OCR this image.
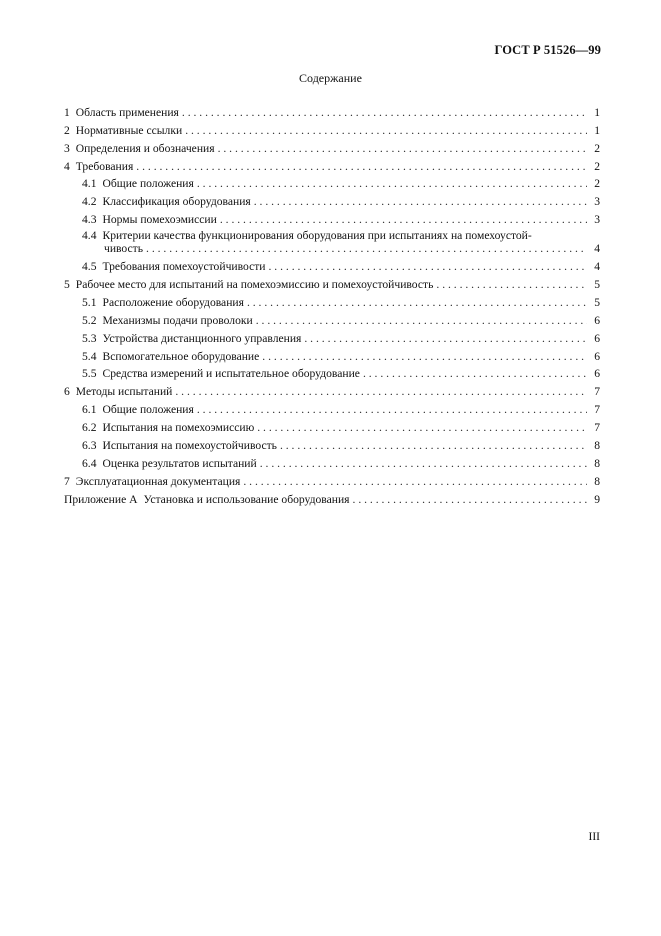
ГОСТ Р 51526—99
Содержание
1 Область применения . . .	1
2 Нормативные ссылки . . .	1
3 Определения и обозначения . . .	2
4 Требования . . .	2
4.1 Общие положения . . .	2
4.2 Классификация оборудования . . .	3
4.3 Нормы помехоэмиссии . . .	3
4.4 Критерии качества функционирования оборудования при испытаниях на помехоустой-
чивость . . .	4
4.5 Требования помехоустойчивости . . .	4
5 Рабочее место для испытаний на помехоэмиссию и помехоустойчивость . . .	5
5.1 Расположение оборудования . . .	5
5.2 Механизмы подачи проволоки . . .	6
5.3 Устройства дистанционного управления . . .	6
5.4 Вспомогательное оборудование . . .	6
5.5 Средства измерений и испытательное оборудование . . .	6
6 Методы испытаний . . .	7
6.1 Общие положения . . .	7
6.2 Испытания на помехоэмиссию . . .	7
6.3 Испытания на помехоустойчивость . . .	8
6.4 Оценка результатов испытаний . . .	8
7 Эксплуатационная документация . . .	8
Приложение А Установка и использование оборудования . . .	9
III
